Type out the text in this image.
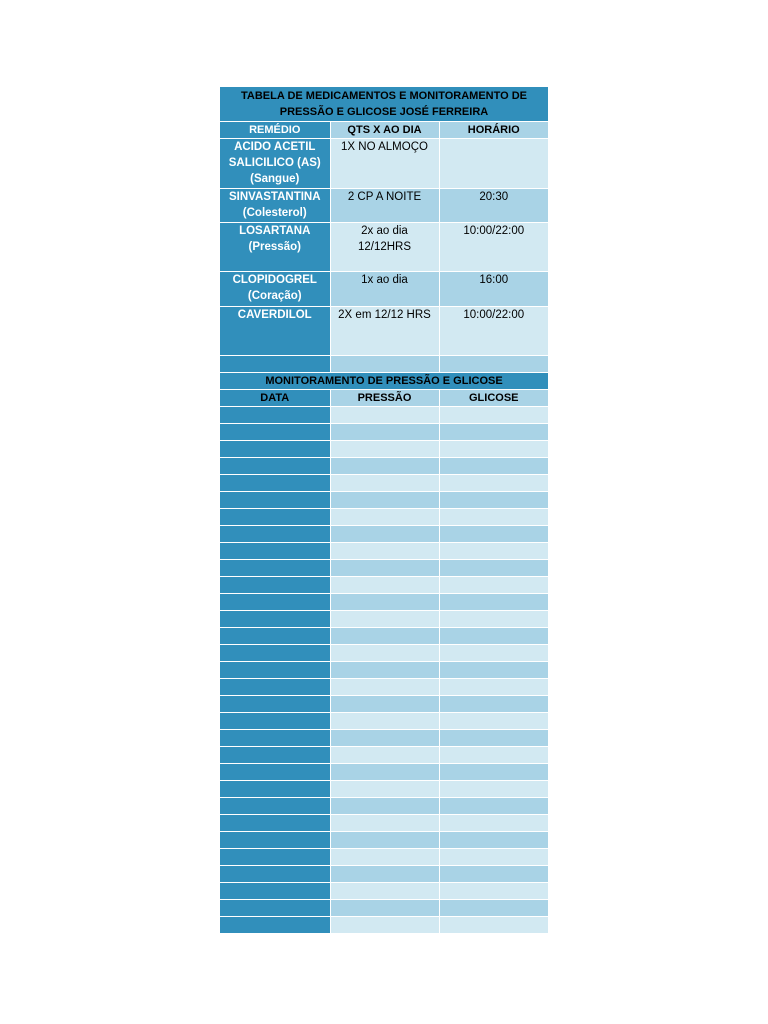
TABELA DE MEDICAMENTOS E MONITORAMENTO DE PRESSÃO E GLICOSE JOSÉ FERREIRA		
REMÉDIO	QTS X AO DIA	HORÁRIO
ACIDO ACETIL SALICILICO (AS) (Sangue)	1X NO ALMOÇO	
SINVASTANTINA (Colesterol)	2 CP A NOITE	20:30
LOSARTANA (Pressão)	2x ao dia 12/12HRS	10:00/22:00
CLOPIDOGREL (Coração)	1x ao dia	16:00
CAVERDILOL	2X em 12/12 HRS	10:00/22:00

MONITORAMENTO DE PRESSÃO E GLICOSE		
DATA	PRESSÃO	GLICOSE
